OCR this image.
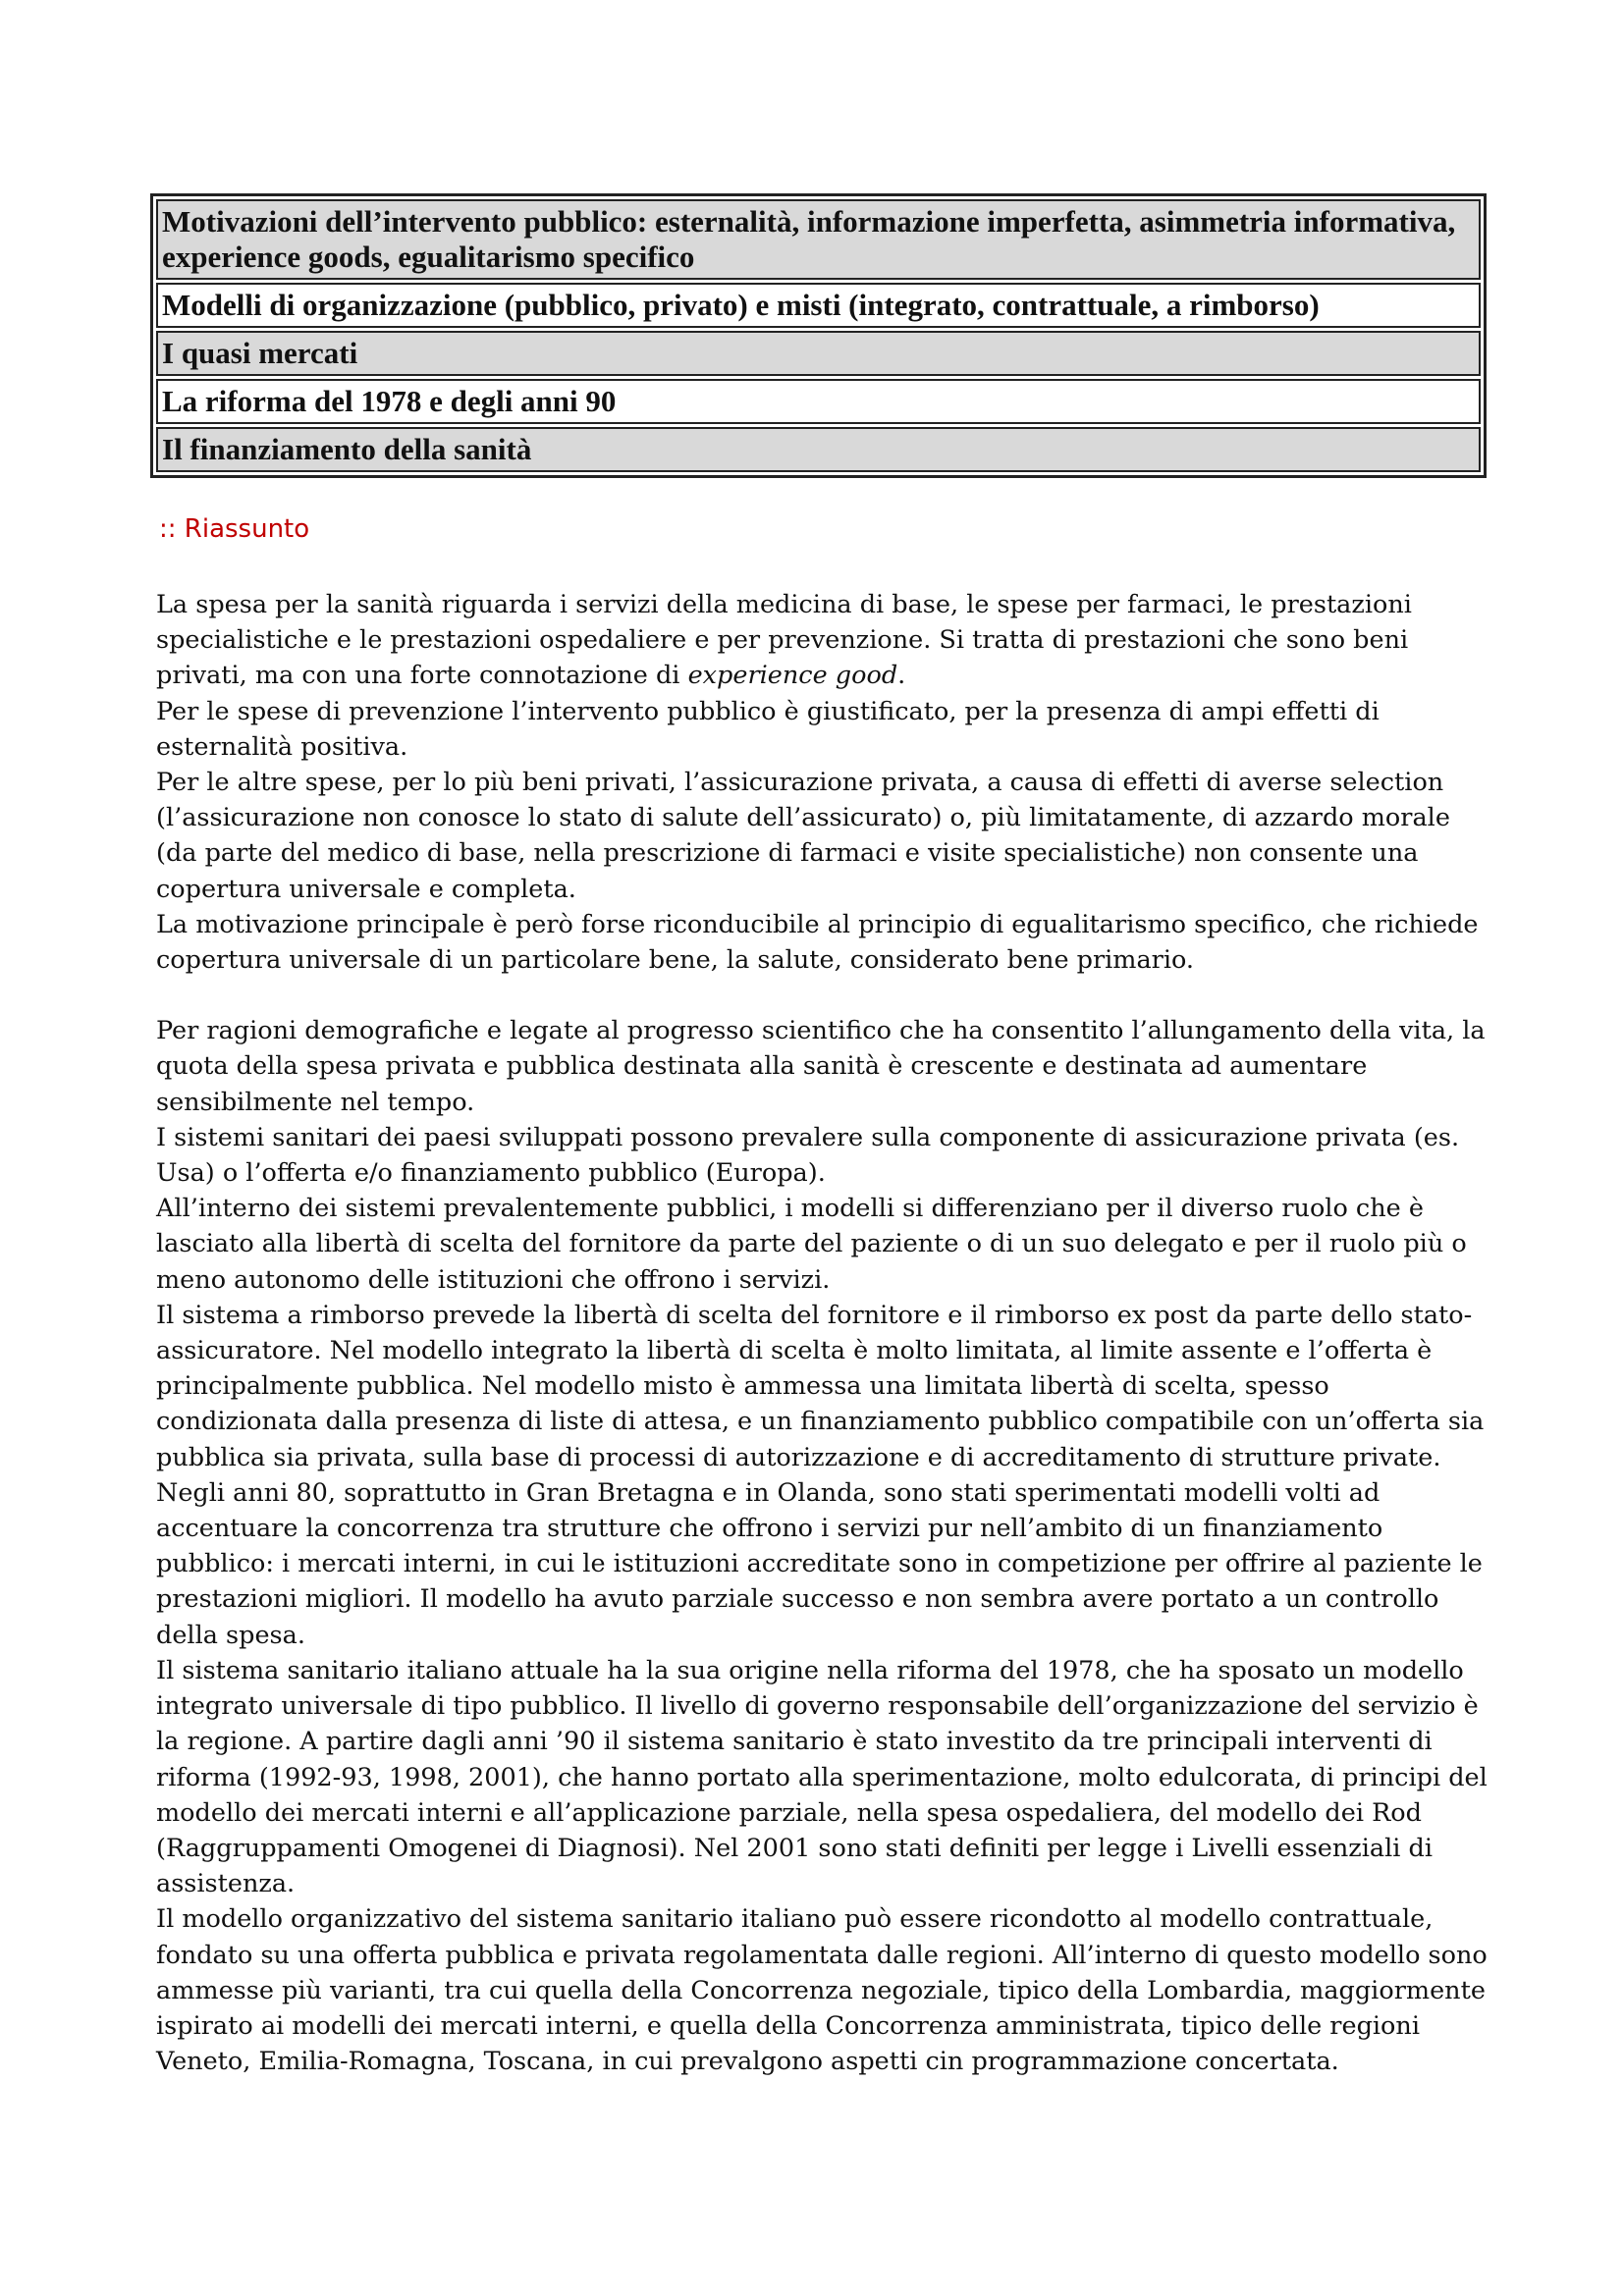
Motivazioni dell’intervento pubblico: esternalità, informazione imperfetta, asimmetria informativa, experience goods, egualitarismo specifico
Modelli di organizzazione (pubblico, privato) e misti (integrato, contrattuale, a rimborso)
I quasi mercati
La riforma del 1978 e degli anni 90
Il finanziamento della sanità
:: Riassunto

La spesa per la sanità riguarda i servizi della medicina di base, le spese per farmaci, le prestazioni specialistiche e le prestazioni ospedaliere e per prevenzione. Si tratta di prestazioni che sono beni privati, ma con una forte connotazione di experience good.

Per le spese di prevenzione l’intervento pubblico è giustificato, per la presenza di ampi effetti di esternalità positiva.

Per le altre spese, per lo più beni privati, l’assicurazione privata, a causa di effetti di averse selection (l’assicurazione non conosce lo stato di salute dell’assicurato) o, più limitatamente, di azzardo morale (da parte del medico di base, nella prescrizione di farmaci e visite specialistiche) non consente una copertura universale e completa.

La motivazione principale è però forse riconducibile al principio di egualitarismo specifico, che richiede copertura universale di un particolare bene, la salute, considerato bene primario.

Per ragioni demografiche e legate al progresso scientifico che ha consentito l’allungamento della vita, la quota della spesa privata e pubblica destinata alla sanità è crescente e destinata ad aumentare sensibilmente nel tempo.

I sistemi sanitari dei paesi sviluppati possono prevalere sulla componente di assicurazione privata (es. Usa) o l’offerta e/o finanziamento pubblico (Europa).

All’interno dei sistemi prevalentemente pubblici, i modelli si differenziano per il diverso ruolo che è lasciato alla libertà di scelta del fornitore da parte del paziente o di un suo delegato e per il ruolo più o meno autonomo delle istituzioni che offrono i servizi.

Il sistema a rimborso prevede la libertà di scelta del fornitore e il rimborso ex post da parte dello stato-assicuratore. Nel modello integrato la libertà di scelta è molto limitata, al limite assente e l’offerta è principalmente pubblica. Nel modello misto è ammessa una limitata libertà di scelta, spesso condizionata dalla presenza di liste di attesa, e un finanziamento pubblico compatibile con un’offerta sia pubblica sia privata, sulla base di processi di autorizzazione e di accreditamento di strutture private.

Negli anni 80, soprattutto in Gran Bretagna e in Olanda, sono stati sperimentati modelli volti ad accentuare la concorrenza tra strutture che offrono i servizi pur nell’ambito di un finanziamento pubblico: i mercati interni, in cui le istituzioni accreditate sono in competizione per offrire al paziente le prestazioni migliori. Il modello ha avuto parziale successo e non sembra avere portato a un controllo della spesa.

Il sistema sanitario italiano attuale ha la sua origine nella riforma del 1978, che ha sposato un modello integrato universale di tipo pubblico. Il livello di governo responsabile dell’organizzazione del servizio è la regione. A partire dagli anni ’90 il sistema sanitario è stato investito da tre principali interventi di riforma (1992-93, 1998, 2001), che hanno portato alla sperimentazione, molto edulcorata, di principi del modello dei mercati interni e all’applicazione parziale, nella spesa ospedaliera, del modello dei Rod (Raggruppamenti Omogenei di Diagnosi). Nel 2001 sono stati definiti per legge i Livelli essenziali di assistenza.

Il modello organizzativo del sistema sanitario italiano può essere ricondotto al modello contrattuale, fondato su una offerta pubblica e privata regolamentata dalle regioni. All’interno di questo modello sono ammesse più varianti, tra cui quella della Concorrenza negoziale, tipico della Lombardia, maggiormente ispirato ai modelli dei mercati interni, e quella della Concorrenza amministrata, tipico delle regioni Veneto, Emilia-Romagna, Toscana, in cui prevalgono aspetti cin programmazione concertata.
